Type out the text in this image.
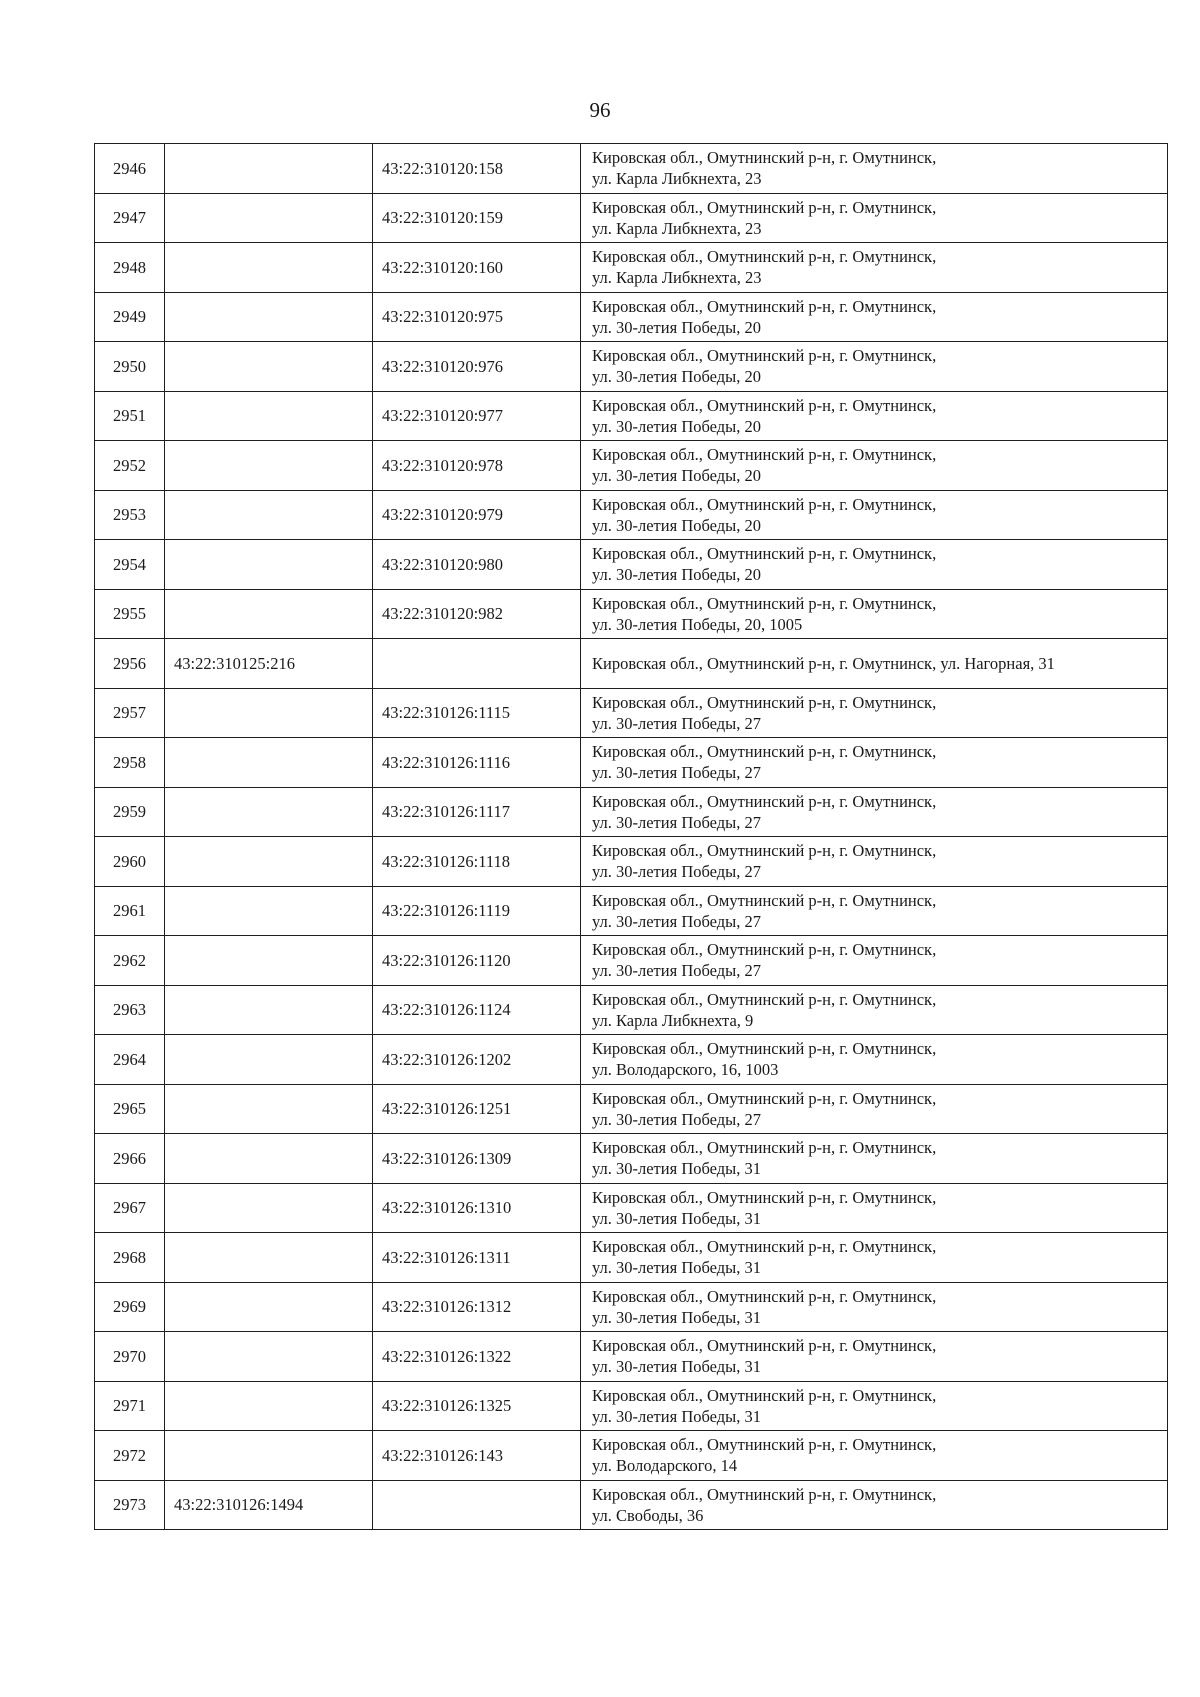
96
2946		43:22:310120:158	Кировская обл., Омутнинский р-н, г. Омутнинск,
ул. Карла Либкнехта, 23

2947		43:22:310120:159	Кировская обл., Омутнинский р-н, г. Омутнинск,
ул. Карла Либкнехта, 23

2948		43:22:310120:160	Кировская обл., Омутнинский р-н, г. Омутнинск,
ул. Карла Либкнехта, 23

2949		43:22:310120:975	Кировская обл., Омутнинский р-н, г. Омутнинск,
ул. 30-летия Победы, 20

2950		43:22:310120:976	Кировская обл., Омутнинский р-н, г. Омутнинск,
ул. 30-летия Победы, 20

2951		43:22:310120:977	Кировская обл., Омутнинский р-н, г. Омутнинск,
ул. 30-летия Победы, 20

2952		43:22:310120:978	Кировская обл., Омутнинский р-н, г. Омутнинск,
ул. 30-летия Победы, 20

2953		43:22:310120:979	Кировская обл., Омутнинский р-н, г. Омутнинск,
ул. 30-летия Победы, 20

2954		43:22:310120:980	Кировская обл., Омутнинский р-н, г. Омутнинск,
ул. 30-летия Победы, 20

2955		43:22:310120:982	Кировская обл., Омутнинский р-н, г. Омутнинск,
ул. 30-летия Победы, 20, 1005

2956	43:22:310125:216		Кировская обл., Омутнинский р-н, г. Омутнинск, ул. Нагорная, 31

2957		43:22:310126:1115	Кировская обл., Омутнинский р-н, г. Омутнинск,
ул. 30-летия Победы, 27

2958		43:22:310126:1116	Кировская обл., Омутнинский р-н, г. Омутнинск,
ул. 30-летия Победы, 27

2959		43:22:310126:1117	Кировская обл., Омутнинский р-н, г. Омутнинск,
ул. 30-летия Победы, 27

2960		43:22:310126:1118	Кировская обл., Омутнинский р-н, г. Омутнинск,
ул. 30-летия Победы, 27

2961		43:22:310126:1119	Кировская обл., Омутнинский р-н, г. Омутнинск,
ул. 30-летия Победы, 27

2962		43:22:310126:1120	Кировская обл., Омутнинский р-н, г. Омутнинск,
ул. 30-летия Победы, 27

2963		43:22:310126:1124	Кировская обл., Омутнинский р-н, г. Омутнинск,
ул. Карла Либкнехта, 9

2964		43:22:310126:1202	Кировская обл., Омутнинский р-н, г. Омутнинск,
ул. Володарского, 16, 1003

2965		43:22:310126:1251	Кировская обл., Омутнинский р-н, г. Омутнинск,
ул. 30-летия Победы, 27

2966		43:22:310126:1309	Кировская обл., Омутнинский р-н, г. Омутнинск,
ул. 30-летия Победы, 31

2967		43:22:310126:1310	Кировская обл., Омутнинский р-н, г. Омутнинск,
ул. 30-летия Победы, 31

2968		43:22:310126:1311	Кировская обл., Омутнинский р-н, г. Омутнинск,
ул. 30-летия Победы, 31

2969		43:22:310126:1312	Кировская обл., Омутнинский р-н, г. Омутнинск,
ул. 30-летия Победы, 31

2970		43:22:310126:1322	Кировская обл., Омутнинский р-н, г. Омутнинск,
ул. 30-летия Победы, 31

2971		43:22:310126:1325	Кировская обл., Омутнинский р-н, г. Омутнинск,
ул. 30-летия Победы, 31

2972		43:22:310126:143	Кировская обл., Омутнинский р-н, г. Омутнинск,
ул. Володарского, 14

2973	43:22:310126:1494		Кировская обл., Омутнинский р-н, г. Омутнинск,
ул. Свободы, 36
